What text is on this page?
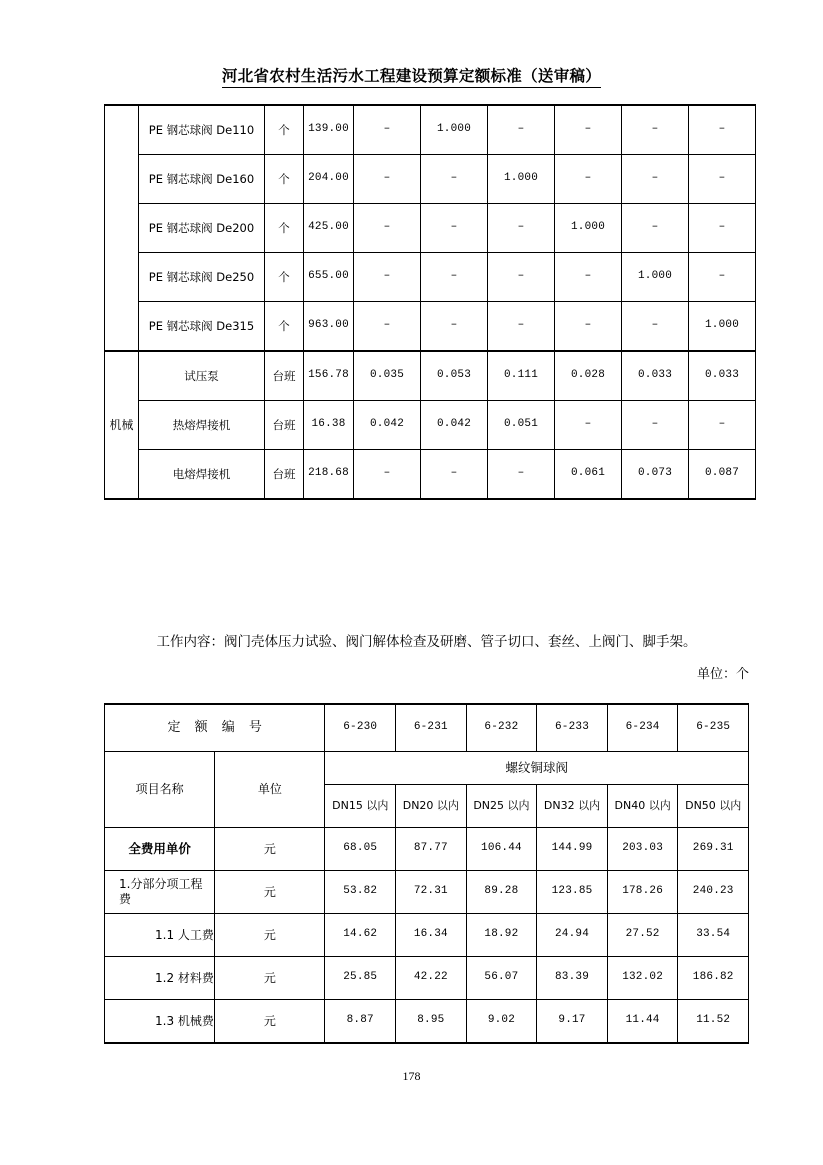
河北省农村生活污水工程建设预算定额标准（送审稿）
	PE 钢芯球阀 De110	个	139.00	–	1.000	–	–	–	–
	PE 钢芯球阀 De160	个	204.00	–	–	1.000	–	–	–
	PE 钢芯球阀 De200	个	425.00	–	–	–	1.000	–	–
	PE 钢芯球阀 De250	个	655.00	–	–	–	–	1.000	–
	PE 钢芯球阀 De315	个	963.00	–	–	–	–	–	1.000
机械	试压泵	台班	156.78	0.035	0.053	0.111	0.028	0.033	0.033
	热熔焊接机	台班	16.38	0.042	0.042	0.051	–	–	–
	电熔焊接机	台班	218.68	–	–	–	0.061	0.073	0.087
工作内容：阀门壳体压力试验、阀门解体检查及研磨、管子切口、套丝、上阀门、脚手架。
单位：个
定 额 编 号		6-230	6-231	6-232	6-233	6-234	6-235
项目名称	单位	螺纹铜球阀					
		DN15 以内	DN20 以内	DN25 以内	DN32 以内	DN40 以内	DN50 以内
全费用单价	元	68.05	87.77	106.44	144.99	203.03	269.31
1.分部分项工程费	元	53.82	72.31	89.28	123.85	178.26	240.23
1.1 人工费	元	14.62	16.34	18.92	24.94	27.52	33.54
1.2 材料费	元	25.85	42.22	56.07	83.39	132.02	186.82
1.3 机械费	元	8.87	8.95	9.02	9.17	11.44	11.52
178
